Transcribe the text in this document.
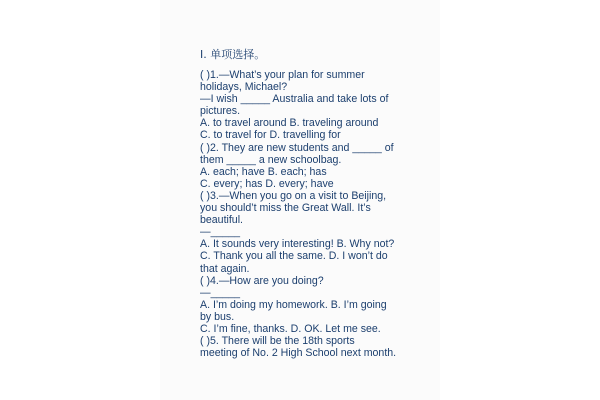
Ⅰ. 单项选择。
( )1.—What’s your plan for summer
holidays, Michael?
—I wish _____ Australia and take lots of
pictures.
A. to travel around B. traveling around
C. to travel for D. travelling for
( )2. They are new students and _____ of
them _____ a new schoolbag.
A. each; have B. each; has
C. every; has D. every; have
( )3.—When you go on a visit to Beijing,
you should’t miss the Great Wall. It’s
beautiful.
—_____
A. It sounds very interesting! B. Why not?
C. Thank you all the same. D. I won’t do
that again.
( )4.—How are you doing?
—_____
A. I’m doing my homework. B. I’m going
by bus.
C. I’m fine, thanks. D. OK. Let me see.
( )5. There will be the 18th sports
meeting of No. 2 High School next month.
